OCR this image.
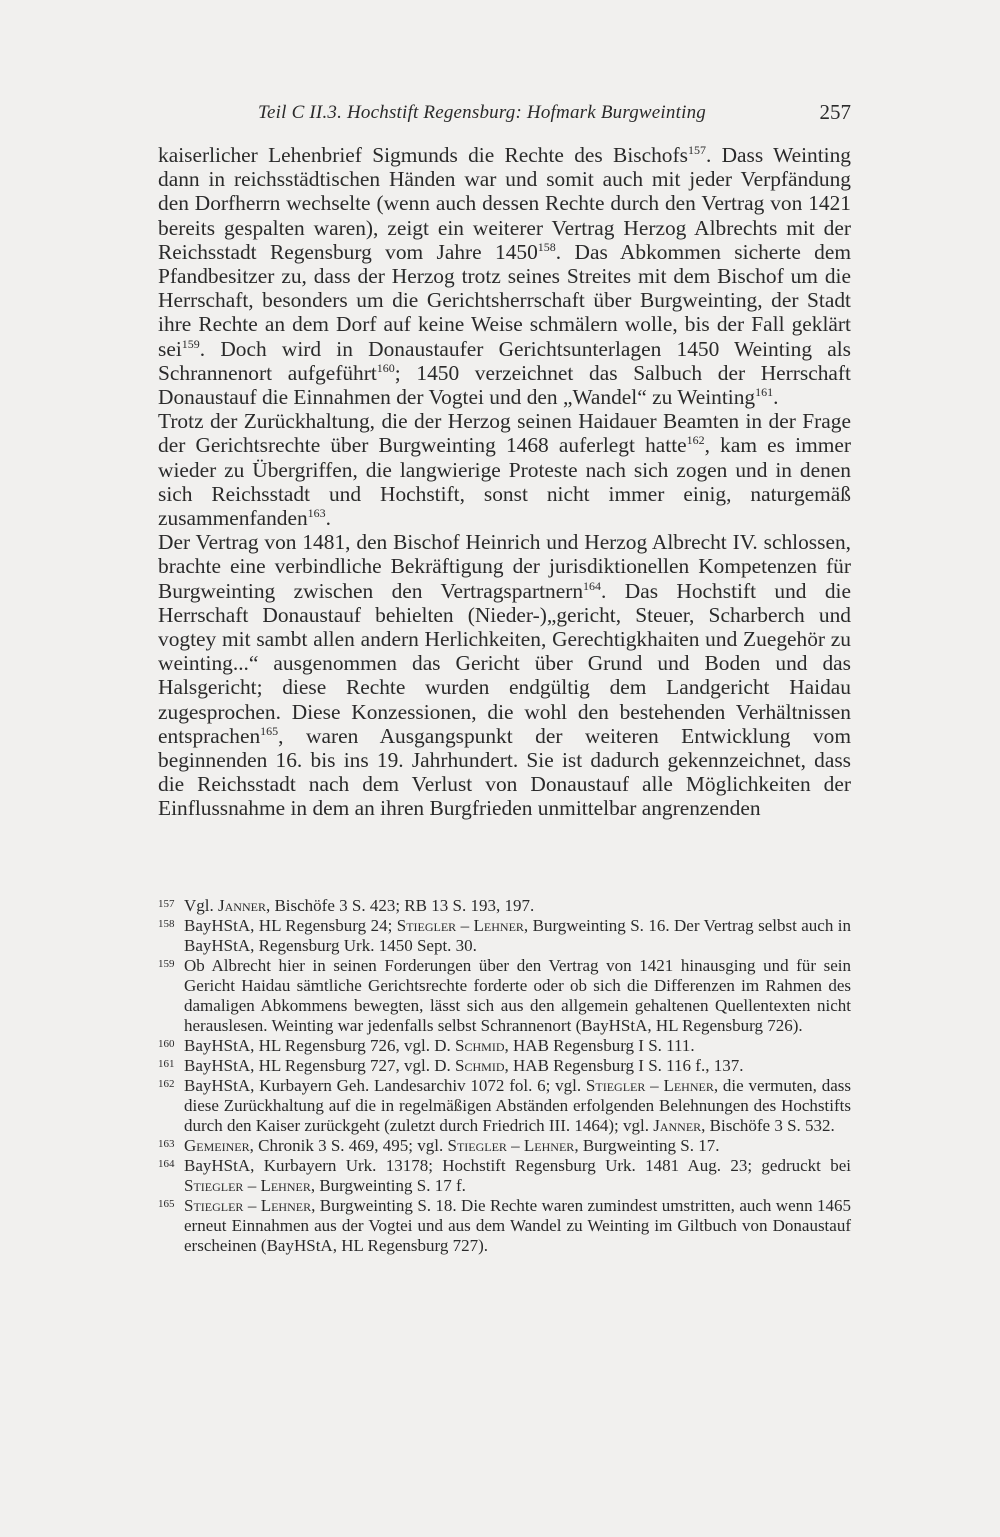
Teil C II.3. Hochstift Regensburg: Hofmark Burgweinting	257

kaiserlicher Lehenbrief Sigmunds die Rechte des Bischofs$^{157}$. Dass Weinting dann in reichsstädtischen Händen war und somit auch mit jeder Verpfändung den Dorfherrn wechselte (wenn auch dessen Rechte durch den Vertrag von 1421 bereits gespalten waren), zeigt ein weiterer Vertrag Herzog Albrechts mit der Reichsstadt Regensburg vom Jahre 1450$^{158}$. Das Abkommen sicherte dem Pfandbesitzer zu, dass der Herzog trotz seines Streites mit dem Bischof um die Herrschaft, besonders um die Gerichtsherrschaft über Burgweinting, der Stadt ihre Rechte an dem Dorf auf keine Weise schmälern wolle, bis der Fall geklärt sei$^{159}$. Doch wird in Donaustaufer Gerichtsunterlagen 1450 Weinting als Schrannenort aufgeführt$^{160}$; 1450 verzeichnet das Salbuch der Herrschaft Donaustauf die Einnahmen der Vogtei und den „Wandel“ zu Weinting$^{161}$.

Trotz der Zurückhaltung, die der Herzog seinen Haidauer Beamten in der Frage der Gerichtsrechte über Burgweinting 1468 auferlegt hatte$^{162}$, kam es immer wieder zu Übergriffen, die langwierige Proteste nach sich zogen und in denen sich Reichsstadt und Hochstift, sonst nicht immer einig, naturgemäß zusammenfanden$^{163}$.

Der Vertrag von 1481, den Bischof Heinrich und Herzog Albrecht IV. schlossen, brachte eine verbindliche Bekräftigung der jurisdiktionellen Kompetenzen für Burgweinting zwischen den Vertragspartnern$^{164}$. Das Hochstift und die Herrschaft Donaustauf behielten (Nieder-)„gericht, Steuer, Scharberch und vogtey mit sambt allen andern Herlichkeiten, Gerechtigkhaiten und Zuegehör zu weinting...“ ausgenommen das Gericht über Grund und Boden und das Halsgericht; diese Rechte wurden endgültig dem Landgericht Haidau zugesprochen. Diese Konzessionen, die wohl den bestehenden Verhältnissen entsprachen$^{165}$, waren Ausgangspunkt der weiteren Entwicklung vom beginnenden 16. bis ins 19. Jahrhundert. Sie ist dadurch gekennzeichnet, dass die Reichsstadt nach dem Verlust von Donaustauf alle Möglichkeiten der Einflussnahme in dem an ihren Burgfrieden unmittelbar angrenzenden

157 Vgl. Janner, Bischöfe 3 S. 423; RB 13 S. 193, 197.
158 BayHStA, HL Regensburg 24; Stiegler – Lehner, Burgweinting S. 16. Der Vertrag selbst auch in BayHStA, Regensburg Urk. 1450 Sept. 30.
159 Ob Albrecht hier in seinen Forderungen über den Vertrag von 1421 hinausging und für sein Gericht Haidau sämtliche Gerichtsrechte forderte oder ob sich die Differenzen im Rahmen des damaligen Abkommens bewegten, lässt sich aus den allgemein gehaltenen Quellentexten nicht herauslesen. Weinting war jedenfalls selbst Schrannenort (BayHStA, HL Regensburg 726).
160 BayHStA, HL Regensburg 726, vgl. D. Schmid, HAB Regensburg I S. 111.
161 BayHStA, HL Regensburg 727, vgl. D. Schmid, HAB Regensburg I S. 116 f., 137.
162 BayHStA, Kurbayern Geh. Landesarchiv 1072 fol. 6; vgl. Stiegler – Lehner, die vermuten, dass diese Zurückhaltung auf die in regelmäßigen Abständen erfolgenden Belehnungen des Hochstifts durch den Kaiser zurückgeht (zuletzt durch Friedrich III. 1464); vgl. Janner, Bischöfe 3 S. 532.
163 Gemeiner, Chronik 3 S. 469, 495; vgl. Stiegler – Lehner, Burgweinting S. 17.
164 BayHStA, Kurbayern Urk. 13178; Hochstift Regensburg Urk. 1481 Aug. 23; gedruckt bei Stiegler – Lehner, Burgweinting S. 17 f.
165 Stiegler – Lehner, Burgweinting S. 18. Die Rechte waren zumindest umstritten, auch wenn 1465 erneut Einnahmen aus der Vogtei und aus dem Wandel zu Weinting im Giltbuch von Donaustauf erscheinen (BayHStA, HL Regensburg 727).
